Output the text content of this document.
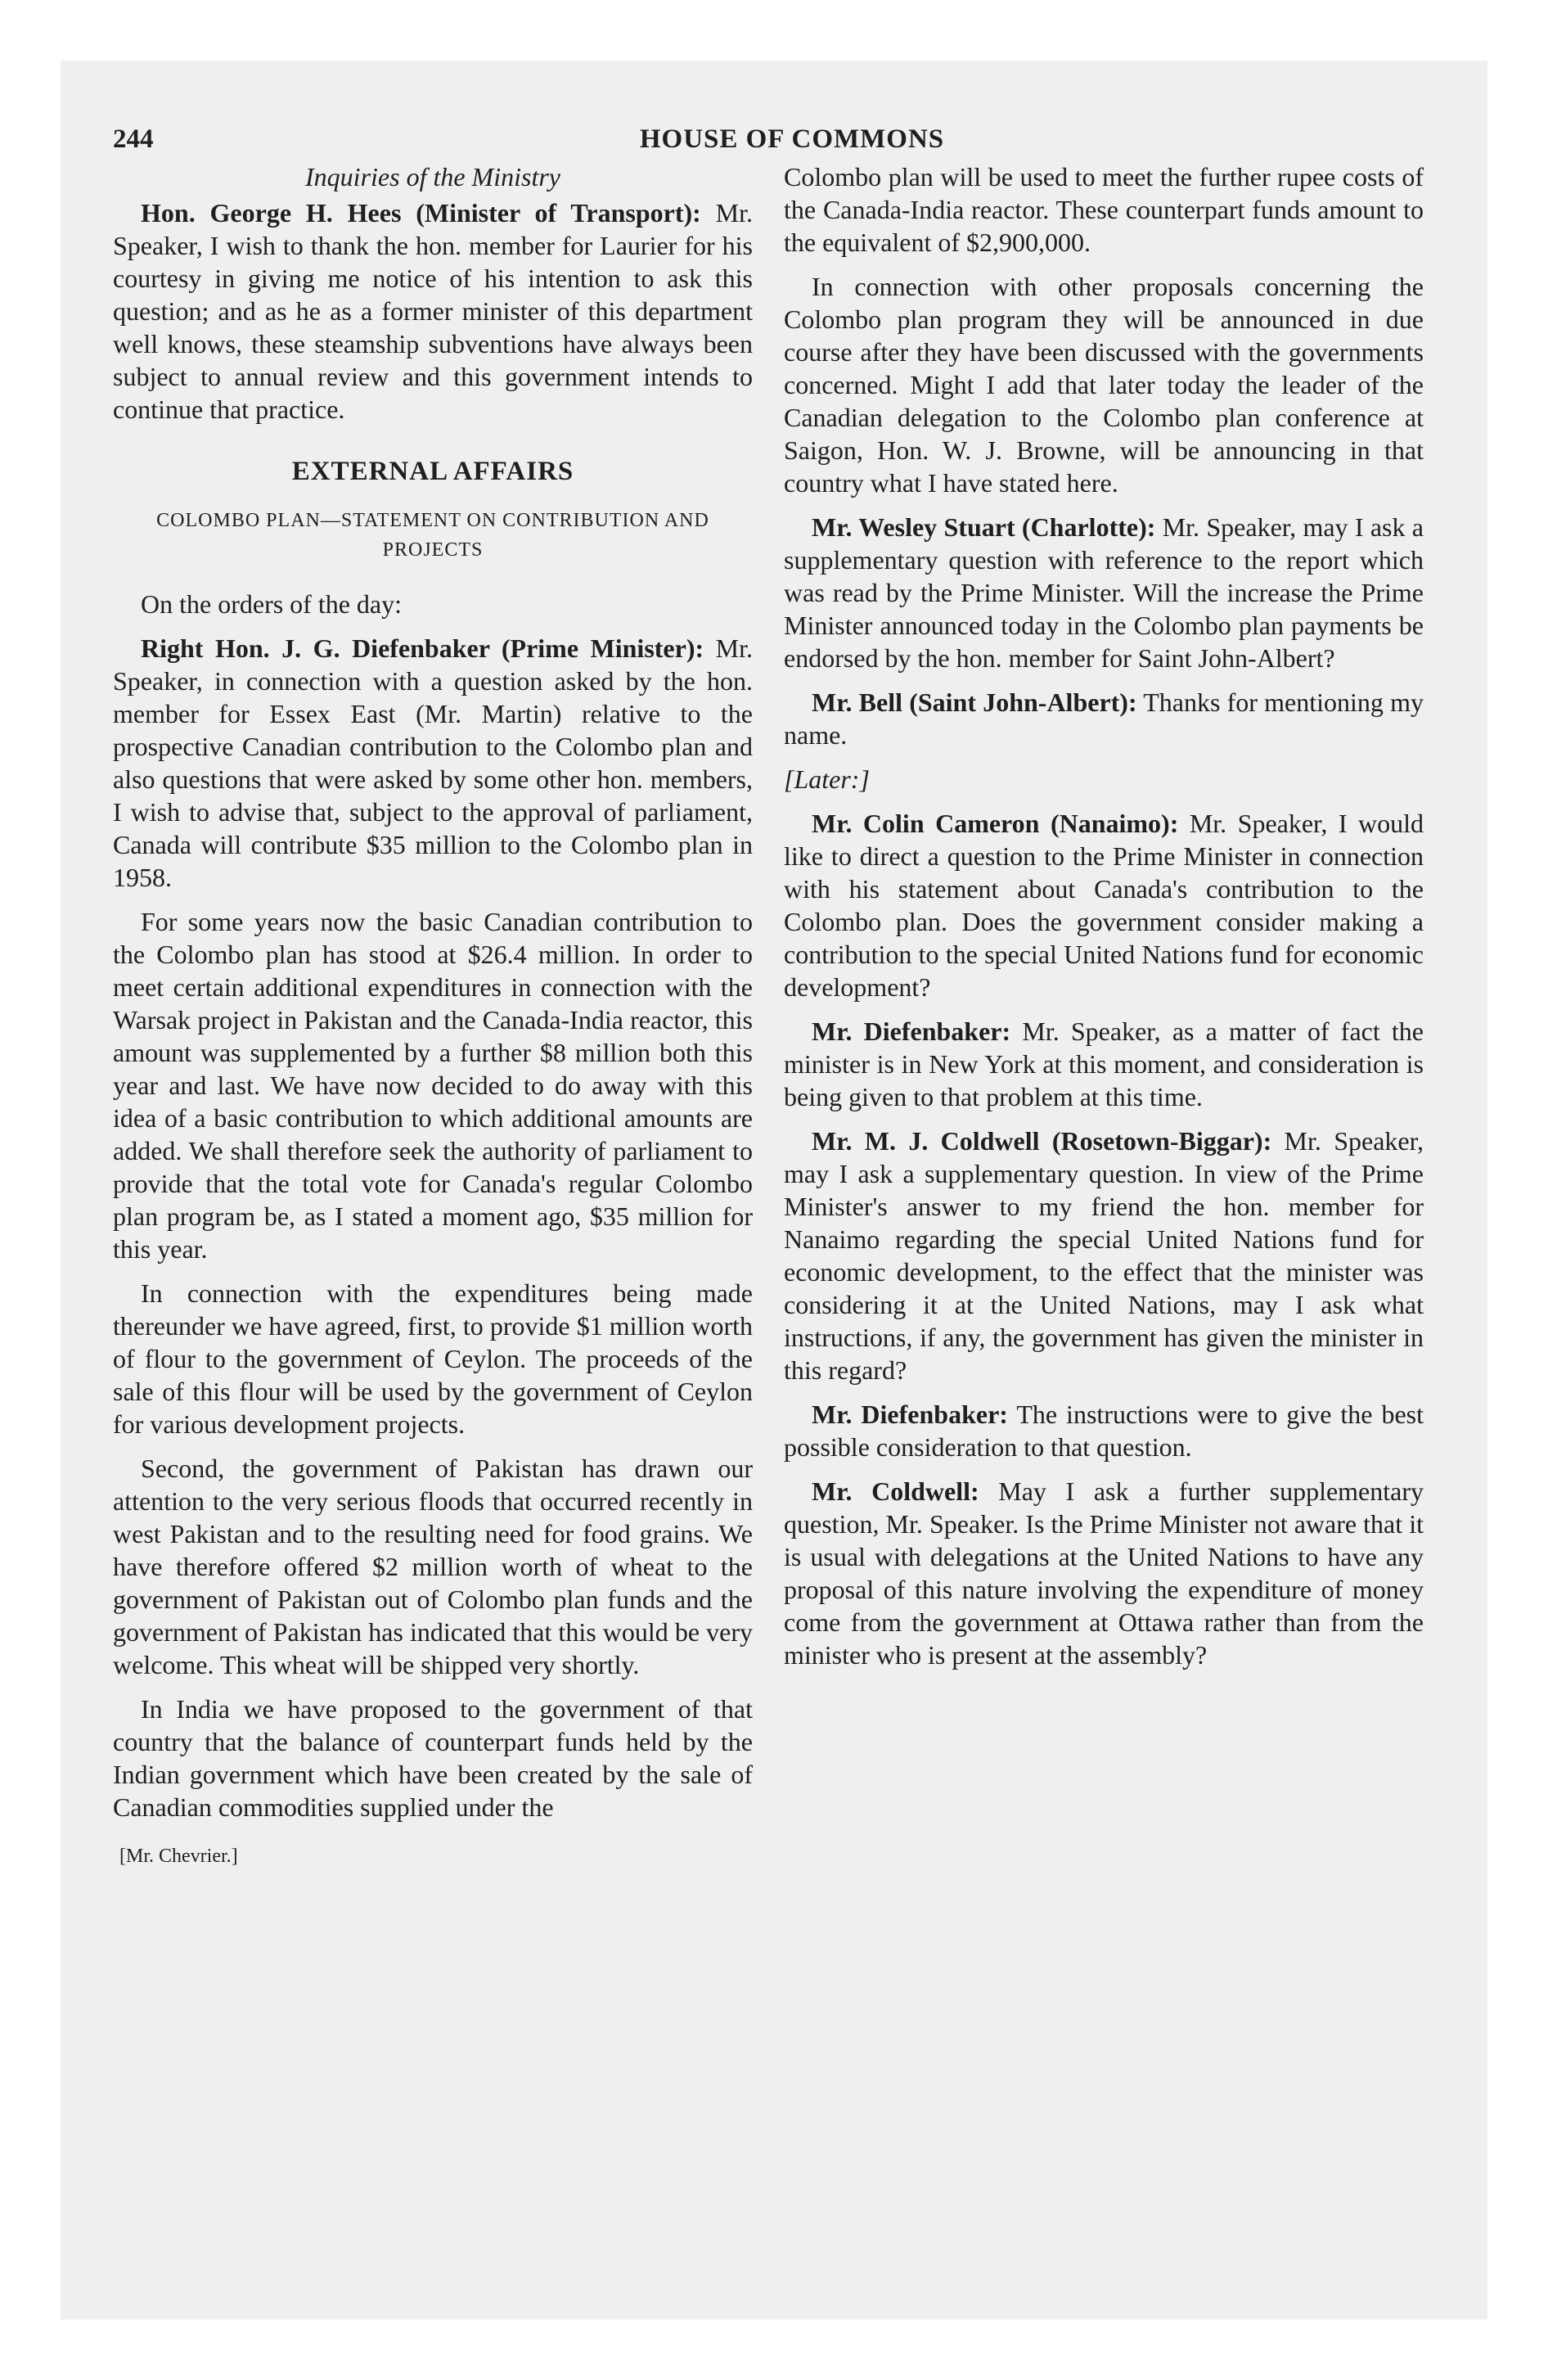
244	HOUSE OF COMMONS

Inquiries of the Ministry

Hon. George H. Hees (Minister of Transport): Mr. Speaker, I wish to thank the hon. member for Laurier for his courtesy in giving me notice of his intention to ask this question; and as he as a former minister of this department well knows, these steamship subventions have always been subject to annual review and this government intends to continue that practice.

EXTERNAL AFFAIRS
COLOMBO PLAN—STATEMENT ON CONTRIBUTION AND PROJECTS

On the orders of the day:

Right Hon. J. G. Diefenbaker (Prime Minister): Mr. Speaker, in connection with a question asked by the hon. member for Essex East (Mr. Martin) relative to the prospective Canadian contribution to the Colombo plan and also questions that were asked by some other hon. members, I wish to advise that, subject to the approval of parliament, Canada will contribute $35 million to the Colombo plan in 1958.

For some years now the basic Canadian contribution to the Colombo plan has stood at $26.4 million. In order to meet certain additional expenditures in connection with the Warsak project in Pakistan and the Canada-India reactor, this amount was supplemented by a further $8 million both this year and last. We have now decided to do away with this idea of a basic contribution to which additional amounts are added. We shall therefore seek the authority of parliament to provide that the total vote for Canada's regular Colombo plan program be, as I stated a moment ago, $35 million for this year.

In connection with the expenditures being made thereunder we have agreed, first, to provide $1 million worth of flour to the government of Ceylon. The proceeds of the sale of this flour will be used by the government of Ceylon for various development projects.

Second, the government of Pakistan has drawn our attention to the very serious floods that occurred recently in west Pakistan and to the resulting need for food grains. We have therefore offered $2 million worth of wheat to the government of Pakistan out of Colombo plan funds and the government of Pakistan has indicated that this would be very welcome. This wheat will be shipped very shortly.

In India we have proposed to the government of that country that the balance of counterpart funds held by the Indian government which have been created by the sale of Canadian commodities supplied under the

[Mr. Chevrier.]

Colombo plan will be used to meet the further rupee costs of the Canada-India reactor. These counterpart funds amount to the equivalent of $2,900,000.

In connection with other proposals concerning the Colombo plan program they will be announced in due course after they have been discussed with the governments concerned. Might I add that later today the leader of the Canadian delegation to the Colombo plan conference at Saigon, Hon. W. J. Browne, will be announcing in that country what I have stated here.

Mr. Wesley Stuart (Charlotte): Mr. Speaker, may I ask a supplementary question with reference to the report which was read by the Prime Minister. Will the increase the Prime Minister announced today in the Colombo plan payments be endorsed by the hon. member for Saint John-Albert?

Mr. Bell (Saint John-Albert): Thanks for mentioning my name.

[Later:]

Mr. Colin Cameron (Nanaimo): Mr. Speaker, I would like to direct a question to the Prime Minister in connection with his statement about Canada's contribution to the Colombo plan. Does the government consider making a contribution to the special United Nations fund for economic development?

Mr. Diefenbaker: Mr. Speaker, as a matter of fact the minister is in New York at this moment, and consideration is being given to that problem at this time.

Mr. M. J. Coldwell (Rosetown-Biggar): Mr. Speaker, may I ask a supplementary question. In view of the Prime Minister's answer to my friend the hon. member for Nanaimo regarding the special United Nations fund for economic development, to the effect that the minister was considering it at the United Nations, may I ask what instructions, if any, the government has given the minister in this regard?

Mr. Diefenbaker: The instructions were to give the best possible consideration to that question.

Mr. Coldwell: May I ask a further supplementary question, Mr. Speaker. Is the Prime Minister not aware that it is usual with delegations at the United Nations to have any proposal of this nature involving the expenditure of money come from the government at Ottawa rather than from the minister who is present at the assembly?
